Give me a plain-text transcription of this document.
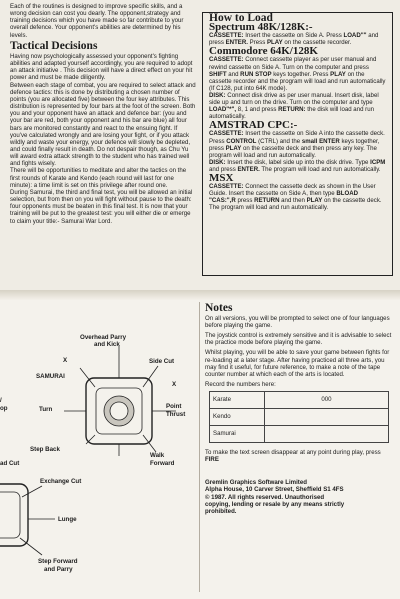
Each of the routines is designed to improve specific skills, and a wrong decision can cost you dearly. The opponent,strategy and training decisions which you have made so far contribute to your overall defence. Your opponent's abilities are determined by his levels.

Tactical Decisions

Having now psychologically assessed your opponent's fighting abilities and adapted yourself accordingly, you are required to adopt an attack initiative . This decision will have a direct effect on your hit power and must be made diligently.

Between each stage of combat, you are required to select attack and defence tactics: this is done by distributing a chosen number of points (you are allocated five) between the four key attributes. This distribution is represented by four bars at the foot of the screen. Both you and your opponent have an attack and defence bar: (you and your bar are red, both your opponent and his bar are blue) all four bars are monitored constantly and react to the ensuing fight. If you've calculated wrongly and are losing your fight, or if you attack wildly and waste your energy, your defence will slowly be depleted, and could finally result in death. Do not despair though, as Chu Yu will award extra attack strength to the student who has trained well and fights wisely.

There will be opportunities to meditate and alter the tactics on the first rounds of Karate and Kendo (each round will last for one minute): a time limit is set on this privilege after round one.

During Samurai, the third and final test, you will be allowed an initial selection, but from then on you will fight without pause to the death: four opponents must be beaten in this final test. It is now that your training will be put to the greatest test: you will either die or emerge to claim your title:- Samurai War Lord.

How to Load
Spectrum 48K/128K:-

CASSETTE: Insert the cassette on Side A. Press LOAD"" and press ENTER. Press PLAY on the cassette recorder.

Commodore 64K/128K

CASSETTE: Connect cassette player as per user manual and rewind cassette on Side A. Turn on the computer and press SHIFT and RUN STOP keys together. Press PLAY on the cassette recorder and the program will load and run automatically (If C128, put into 64K mode).

DISK: Connect disk drive as per user manual. Insert disk, label side up and turn on the drive. Turn on the computer and type LOAD"*", 8, 1 and press RETURN: the disk will load and run automatically.

AMSTRAD CPC:-

CASSETTE: Insert the cassette on Side A into the cassette deck. Press CONTROL (CTRL) and the small ENTER keys together, press PLAY on the cassette deck and then press any key. The program will load and run automatically.

DISK: Insert the disk, label side up into the disk drive. Type ICPM and press ENTER. The program will load and run automatically.

MSX

CASSETTE: Connect the cassette deck as shown in the User Guide. Insert the cassette on Side A, then type BLOAD "CAS:",R press RETURN and then PLAY on the cassette deck. The program will load and run automatically.

Overhead Parry
and Kick
Side Cut
X
X
SAMURAI
Turn	Point
Thrust
Step Back
Walk
Forward
/
op
ad Cut
Exchange Cut
Lunge
Step Forward
and Parry
Notes

On all versions, you will be prompted to select one of four languages before playing the game.

The joystick control is extremely sensitive and it is advisable to select the practice mode before playing the game.

Whilst playing, you will be able to save your game between fights for re-loading at a later stage. After having practiced all three arts, you may find it useful, for future reference, to make a note of the tape counter number at which each of the arts is located.

Record the numbers here:

Karate	000
Kendo	
Samurai	

To make the text screen disappear at any point during play, press FIRE

Gremlin Graphics Software Limited
Alpha House, 10 Carver Street, Sheffield S1 4FS
© 1987. All rights reserved. Unauthorised
copying, lending or resale by any means strictly
prohibited.
